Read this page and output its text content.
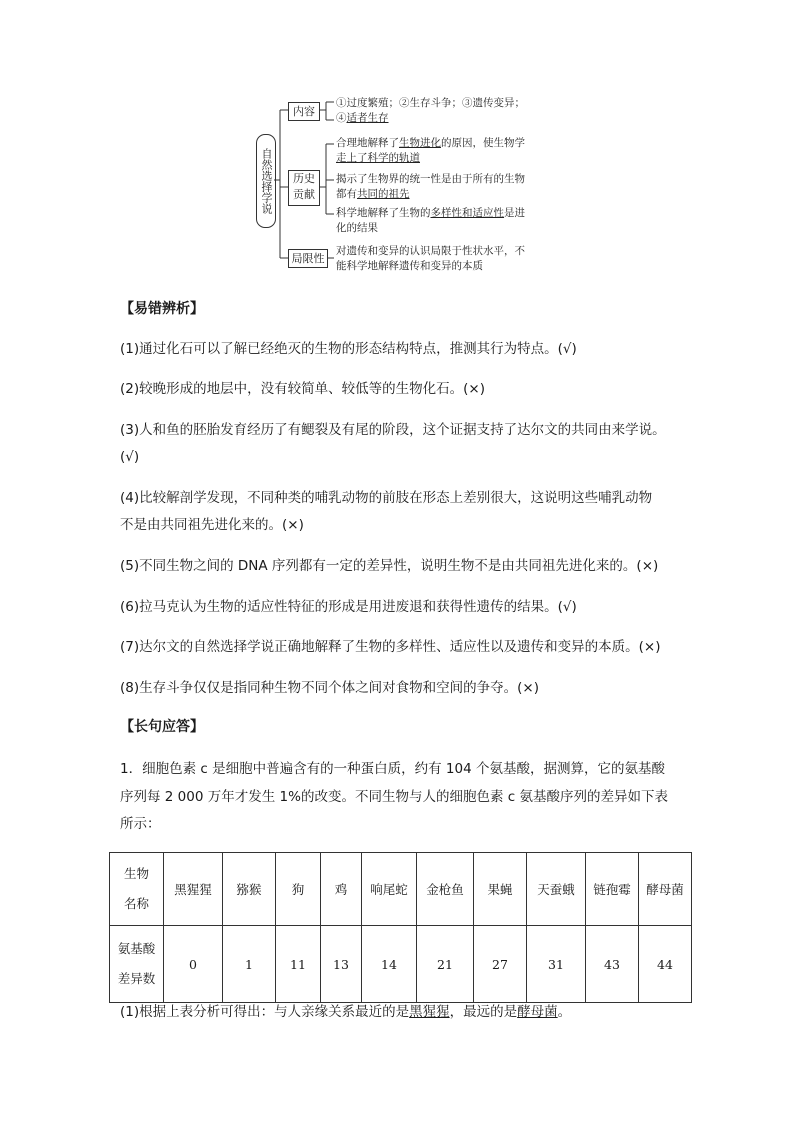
自然选择学说
内容
历史贡献
局限性
①过度繁殖；②生存斗争；③遗传变异；
④适者生存
合理地解释了生物进化的原因，使生物学
走上了科学的轨道
揭示了生物界的统一性是由于所有的生物
都有共同的祖先
科学地解释了生物的多样性和适应性是进
化的结果
对遗传和变异的认识局限于性状水平，不
能科学地解释遗传和变异的本质
【易错辨析】
(1)通过化石可以了解已经绝灭的生物的形态结构特点，推测其行为特点。(√)
(2)较晚形成的地层中，没有较简单、较低等的生物化石。(×)
(3)人和鱼的胚胎发育经历了有鳃裂及有尾的阶段，这个证据支持了达尔文的共同由来学说。
(√)
(4)比较解剖学发现，不同种类的哺乳动物的前肢在形态上差别很大，这说明这些哺乳动物
不是由共同祖先进化来的。(×)
(5)不同生物之间的 DNA 序列都有一定的差异性，说明生物不是由共同祖先进化来的。(×)
(6)拉马克认为生物的适应性特征的形成是用进废退和获得性遗传的结果。(√)
(7)达尔文的自然选择学说正确地解释了生物的多样性、适应性以及遗传和变异的本质。(×)
(8)生存斗争仅仅是指同种生物不同个体之间对食物和空间的争夺。(×)
【长句应答】
1．细胞色素 c 是细胞中普遍含有的一种蛋白质，约有 104 个氨基酸，据测算，它的氨基酸
序列每 2 000 万年才发生 1%的改变。不同生物与人的细胞色素 c 氨基酸序列的差异如下表
所示：
生物
名称	黑猩猩	猕猴	狗	鸡	响尾蛇	金枪鱼	果蝇	天蚕蛾	链孢霉	酵母菌

氨基酸
差异数	0	1	11	13	14	21	27	31	43	44
(1)根据上表分析可得出：与人亲缘关系最近的是黑猩猩，最远的是酵母菌。
